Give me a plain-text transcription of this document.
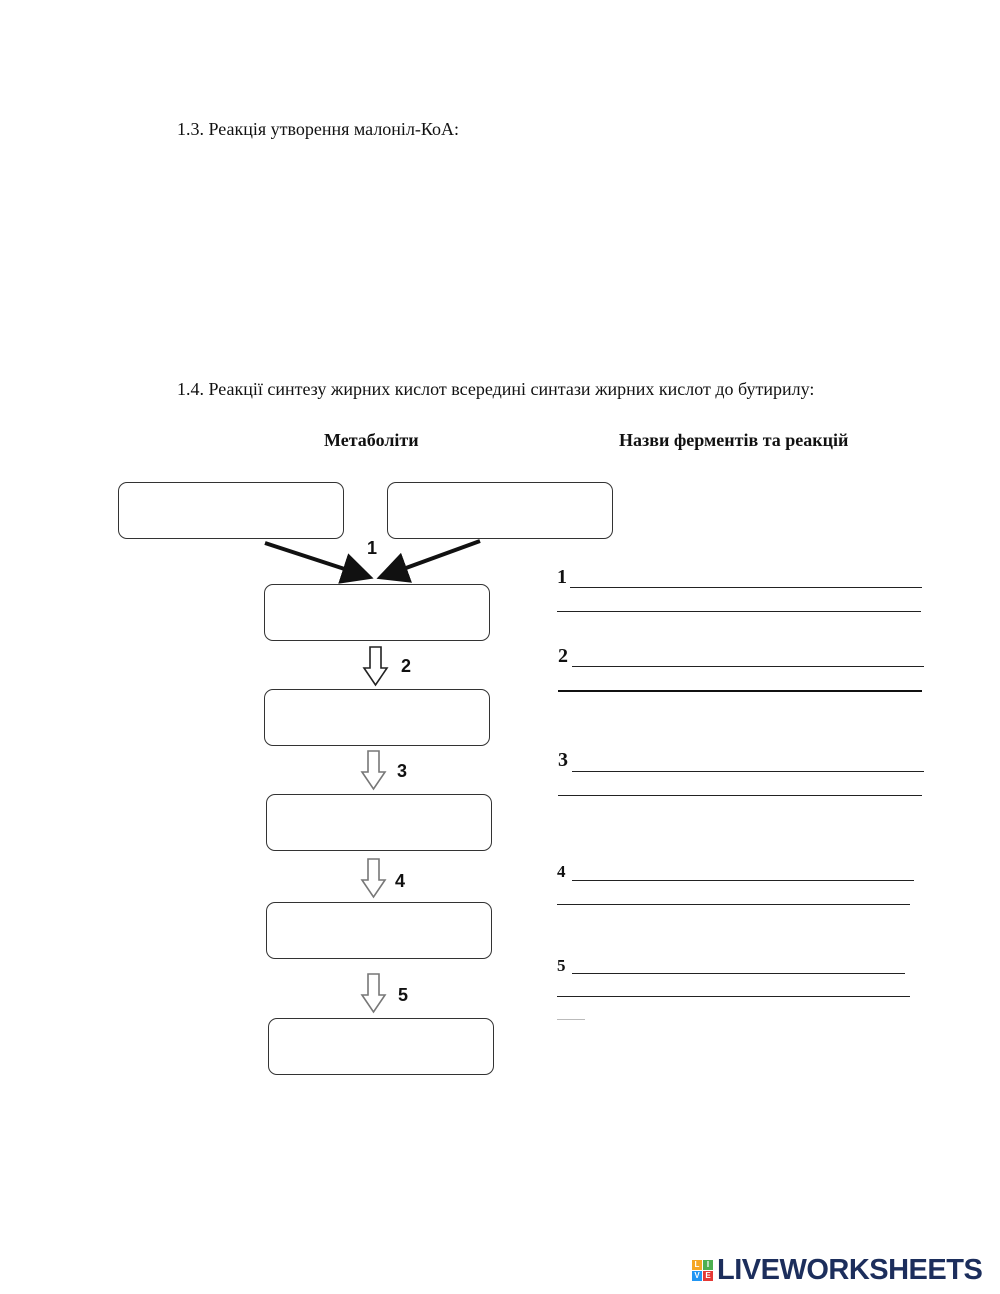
1.3. Реакція утворення малоніл-КоА:
1.4. Реакції синтезу жирних кислот всередині синтази жирних кислот до бутирилу:
Метаболіти	Назви ферментів та реакцій
1
2
3
4
5
1
2
3
4
5
L I
V E LIVEWORKSHEETS
